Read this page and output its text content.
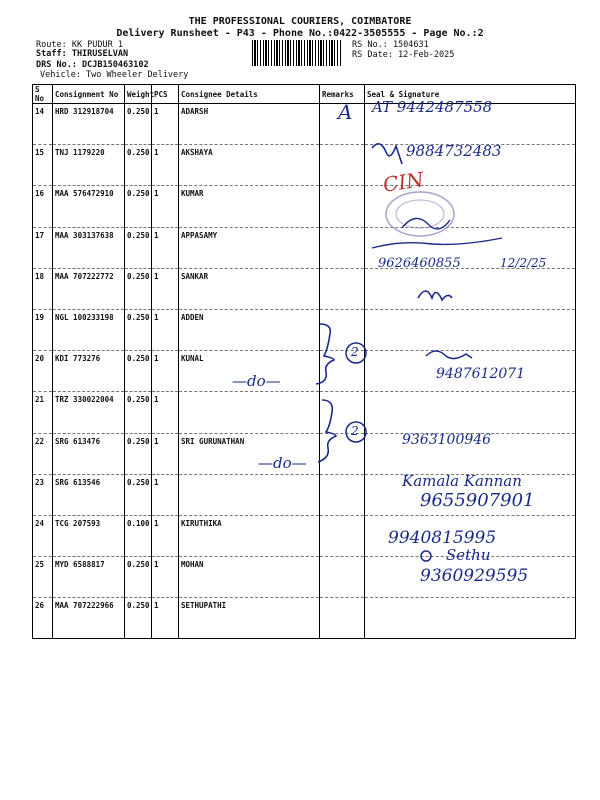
THE PROFESSIONAL COURIERS, COIMBATORE
Delivery Runsheet - P43 - Phone No.:0422-3505555 - Page No.:2
Route: KK PUDUR 1
Staff: THIRUSELVAN
DRS No.: DCJB150463102
Vehicle: Two Wheeler Delivery
RS No.: 1504631
RS Date: 12-Feb-2025
S No	Consignment No	Weight	PCS	Consignee Details	Remarks	Seal & Signature
14	HRD 312918704	0.250	1	ADARSH		
15	TNJ 1179220	0.250	1	AKSHAYA		
16	MAA 576472910	0.250	1	KUMAR		
17	MAA 303137638	0.250	1	APPASAMY		
18	MAA 707222772	0.250	1	SANKAR		
19	NGL 100233198	0.250	1	ADDEN		
20	KDI 773276	0.250	1	KUNAL		
21	TRZ 330022004	0.250	1			
22	SRG 613476	0.250	1	SRI GURUNATHAN		
23	SRG 613546	0.250	1			
24	TCG 207593	0.100	1	KIRUTHIKA		
25	MYD 6588817	0.250	1	MOHAN		
26	MAA 707222966	0.250	1	SETHUPATHI		
A AT 9442487558
9884732483
CIN
9626460855	12/2/25
—do—
2
9487612071
—do—
2
9363100946
Kamala Kannan
9655907901
9940815995
Sethu
9360929595
